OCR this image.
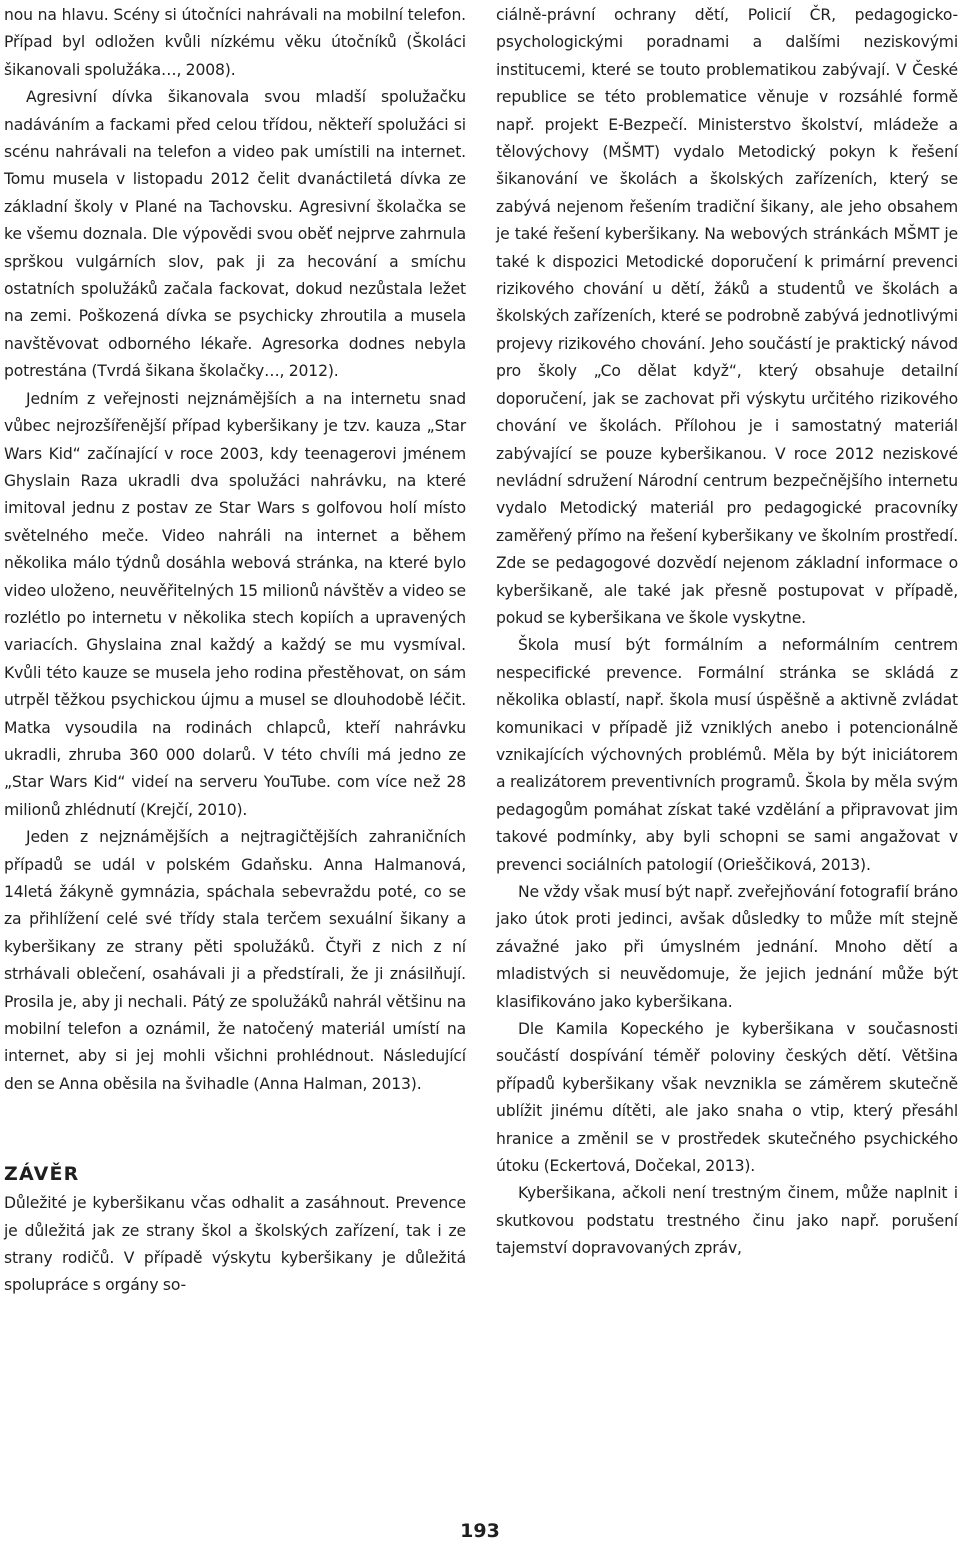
nou na hlavu. Scény si útočníci nahrávali na mobilní telefon. Případ byl odložen kvůli nízkému věku útočníků (Školáci šikanovali spolužáka…, 2008).

Agresivní dívka šikanovala svou mladší spolužačku nadáváním a fackami před celou třídou, někteří spolužáci si scénu nahrávali na telefon a video pak umístili na internet. Tomu musela v listopadu 2012 čelit dvanáctiletá dívka ze základní školy v Plané na Tachovsku. Agresivní školačka se ke všemu doznala. Dle výpovědi svou oběť nejprve zahrnula sprškou vulgárních slov, pak ji za hecování a smíchu ostatních spolužáků začala fackovat, dokud nezůstala ležet na zemi. Poškozená dívka se psychicky zhroutila a musela navštěvovat odborného lékaře. Agresorka dodnes nebyla potrestána (Tvrdá šikana školačky…, 2012).

Jedním z veřejnosti nejznámějších a na internetu snad vůbec nejrozšířenější případ kyberšikany je tzv. kauza „Star Wars Kid“ začínající v roce 2003, kdy teenagerovi jménem Ghyslain Raza ukradli dva spolužáci nahrávku, na které imitoval jednu z postav ze Star Wars s golfovou holí místo světelného meče. Video nahráli na internet a během několika málo týdnů dosáhla webová stránka, na které bylo video uloženo, neuvěřitelných 15 milionů návštěv a video se rozlétlo po internetu v několika stech kopiích a upravených variacích. Ghyslaina znal každý a každý se mu vysmíval. Kvůli této kauze se musela jeho rodina přestěhovat, on sám utrpěl těžkou psychickou újmu a musel se dlouhodobě léčit. Matka vysoudila na rodinách chlapců, kteří nahrávku ukradli, zhruba 360 000 dolarů. V této chvíli má jedno ze „Star Wars Kid“ videí na serveru YouTube. com více než 28 milionů zhlédnutí (Krejčí, 2010).

Jeden z nejznámějších a nejtragičtějších zahraničních případů se udál v polském Gdaňsku. Anna Halmanová, 14letá žákyně gymnázia, spáchala sebevraždu poté, co se za přihlížení celé své třídy stala terčem sexuální šikany a kyberšikany ze strany pěti spolužáků. Čtyři z nich z ní strhávali oblečení, osahávali ji a předstírali, že ji znásilňují. Prosila je, aby ji nechali. Pátý ze spolužáků nahrál většinu na mobilní telefon a oznámil, že natočený materiál umístí na internet, aby si jej mohli všichni prohlédnout. Následující den se Anna oběsila na švihadle (Anna Halman, 2013).

ZÁVĚR

Důležité je kyberšikanu včas odhalit a zasáhnout. Prevence je důležitá jak ze strany škol a školských zařízení, tak i ze strany rodičů. V případě výskytu kyberšikany je důležitá spolupráce s orgány so-

ciálně-právní ochrany dětí, Policií ČR, pedagogicko-psychologickými poradnami a dalšími neziskovými institucemi, které se touto problematikou zabývají. V České republice se této problematice věnuje v rozsáhlé formě např. projekt E-Bezpečí. Ministerstvo školství, mládeže a tělovýchovy (MŠMT) vydalo Metodický pokyn k řešení šikanování ve školách a školských zařízeních, který se zabývá nejenom řešením tradiční šikany, ale jeho obsahem je také řešení kyberšikany. Na webových stránkách MŠMT je také k dispozici Metodické doporučení k primární prevenci rizikového chování u dětí, žáků a studentů ve školách a školských zařízeních, které se podrobně zabývá jednotlivými projevy rizikového chování. Jeho součástí je praktický návod pro školy „Co dělat když“, který obsahuje detailní doporučení, jak se zachovat při výskytu určitého rizikového chování ve školách. Přílohou je i samostatný materiál zabývající se pouze kyberšikanou. V roce 2012 neziskové nevládní sdružení Národní centrum bezpečnějšího internetu vydalo Metodický materiál pro pedagogické pracovníky zaměřený přímo na řešení kyberšikany ve školním prostředí. Zde se pedagogové dozvědí nejenom základní informace o kyberšikaně, ale také jak přesně postupovat v případě, pokud se kyberšikana ve škole vyskytne.

Škola musí být formálním a neformálním centrem nespecifické prevence. Formální stránka se skládá z několika oblastí, např. škola musí úspěšně a aktivně zvládat komunikaci v případě již vzniklých anebo i potencionálně vznikajících výchovných problémů. Měla by být iniciátorem a realizátorem preventivních programů. Škola by měla svým pedagogům pomáhat získat také vzdělání a připravovat jim takové podmínky, aby byli schopni se sami angažovat v prevenci sociálních patologií (Orieščiková, 2013).

Ne vždy však musí být např. zveřejňování fotografií bráno jako útok proti jedinci, avšak důsledky to může mít stejně závažné jako při úmyslném jednání. Mnoho dětí a mladistvých si neuvědomuje, že jejich jednání může být klasifikováno jako kyberšikana.

Dle Kamila Kopeckého je kyberšikana v současnosti součástí dospívání téměř poloviny českých dětí. Většina případů kyberšikany však nevznikla se záměrem skutečně ublížit jinému dítěti, ale jako snaha o vtip, který přesáhl hranice a změnil se v prostředek skutečného psychického útoku (Eckertová, Dočekal, 2013).

Kyberšikana, ačkoli není trestným činem, může naplnit i skutkovou podstatu trestného činu jako např. porušení tajemství dopravovaných zpráv,

193
